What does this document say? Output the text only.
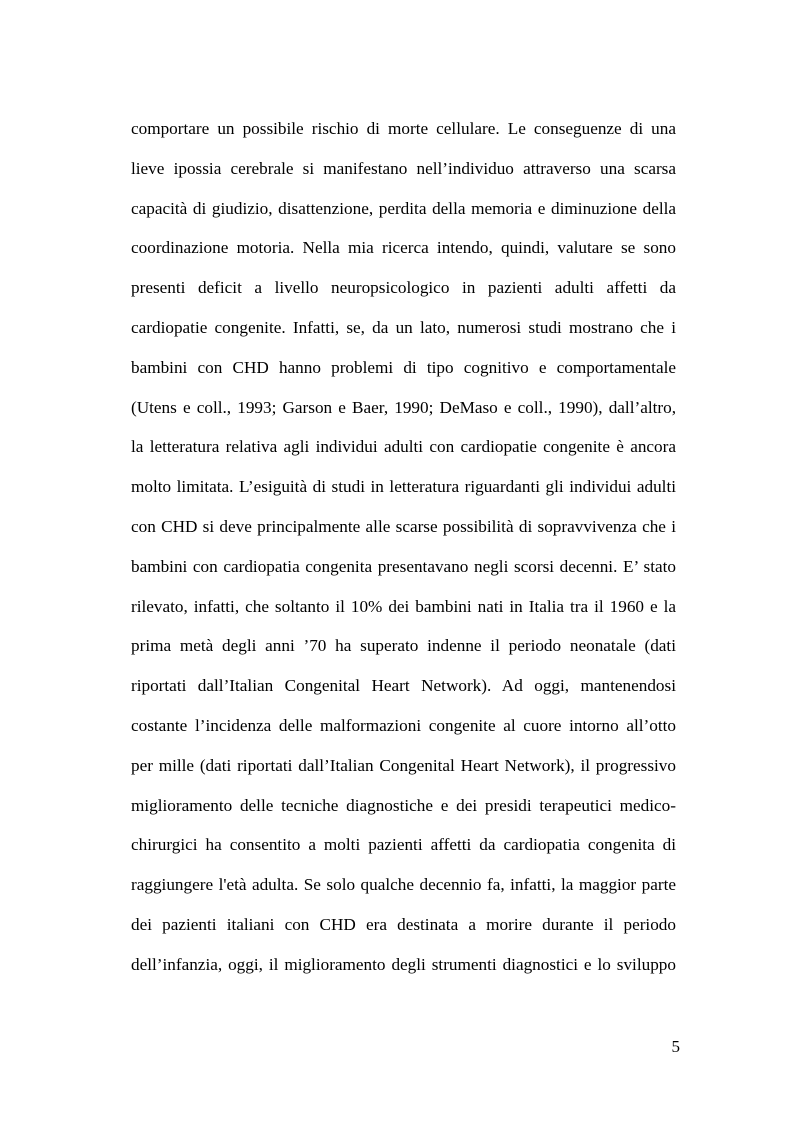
comportare un possibile rischio di morte cellulare. Le conseguenze di una
lieve ipossia cerebrale si manifestano nell’individuo attraverso una scarsa
capacità di giudizio, disattenzione, perdita della memoria e diminuzione della
coordinazione motoria. Nella mia ricerca intendo, quindi, valutare se sono
presenti deficit a livello neuropsicologico in pazienti adulti affetti da
cardiopatie congenite. Infatti, se, da un lato, numerosi studi mostrano che i
bambini con CHD hanno problemi di tipo cognitivo e comportamentale
(Utens e coll., 1993; Garson e Baer, 1990; DeMaso e coll., 1990), dall’altro,
la letteratura relativa agli individui adulti con cardiopatie congenite è ancora
molto limitata. L’esiguità di studi in letteratura riguardanti gli individui adulti
con CHD si deve principalmente alle scarse possibilità di sopravvivenza che i
bambini con cardiopatia congenita presentavano negli scorsi decenni. E’ stato
rilevato, infatti, che soltanto il 10% dei bambini nati in Italia tra il 1960 e la
prima metà degli anni ’70 ha superato indenne il periodo neonatale (dati
riportati dall’Italian Congenital Heart Network). Ad oggi, mantenendosi
costante l’incidenza delle malformazioni congenite al cuore intorno all’otto
per mille (dati riportati dall’Italian Congenital Heart Network), il progressivo
miglioramento delle tecniche diagnostiche e dei presidi terapeutici medico-
chirurgici ha consentito a molti pazienti affetti da cardiopatia congenita di
raggiungere l'età adulta. Se solo qualche decennio fa, infatti, la maggior parte
dei pazienti italiani con CHD era destinata a morire durante il periodo
dell’infanzia, oggi, il miglioramento degli strumenti diagnostici e lo sviluppo
5
